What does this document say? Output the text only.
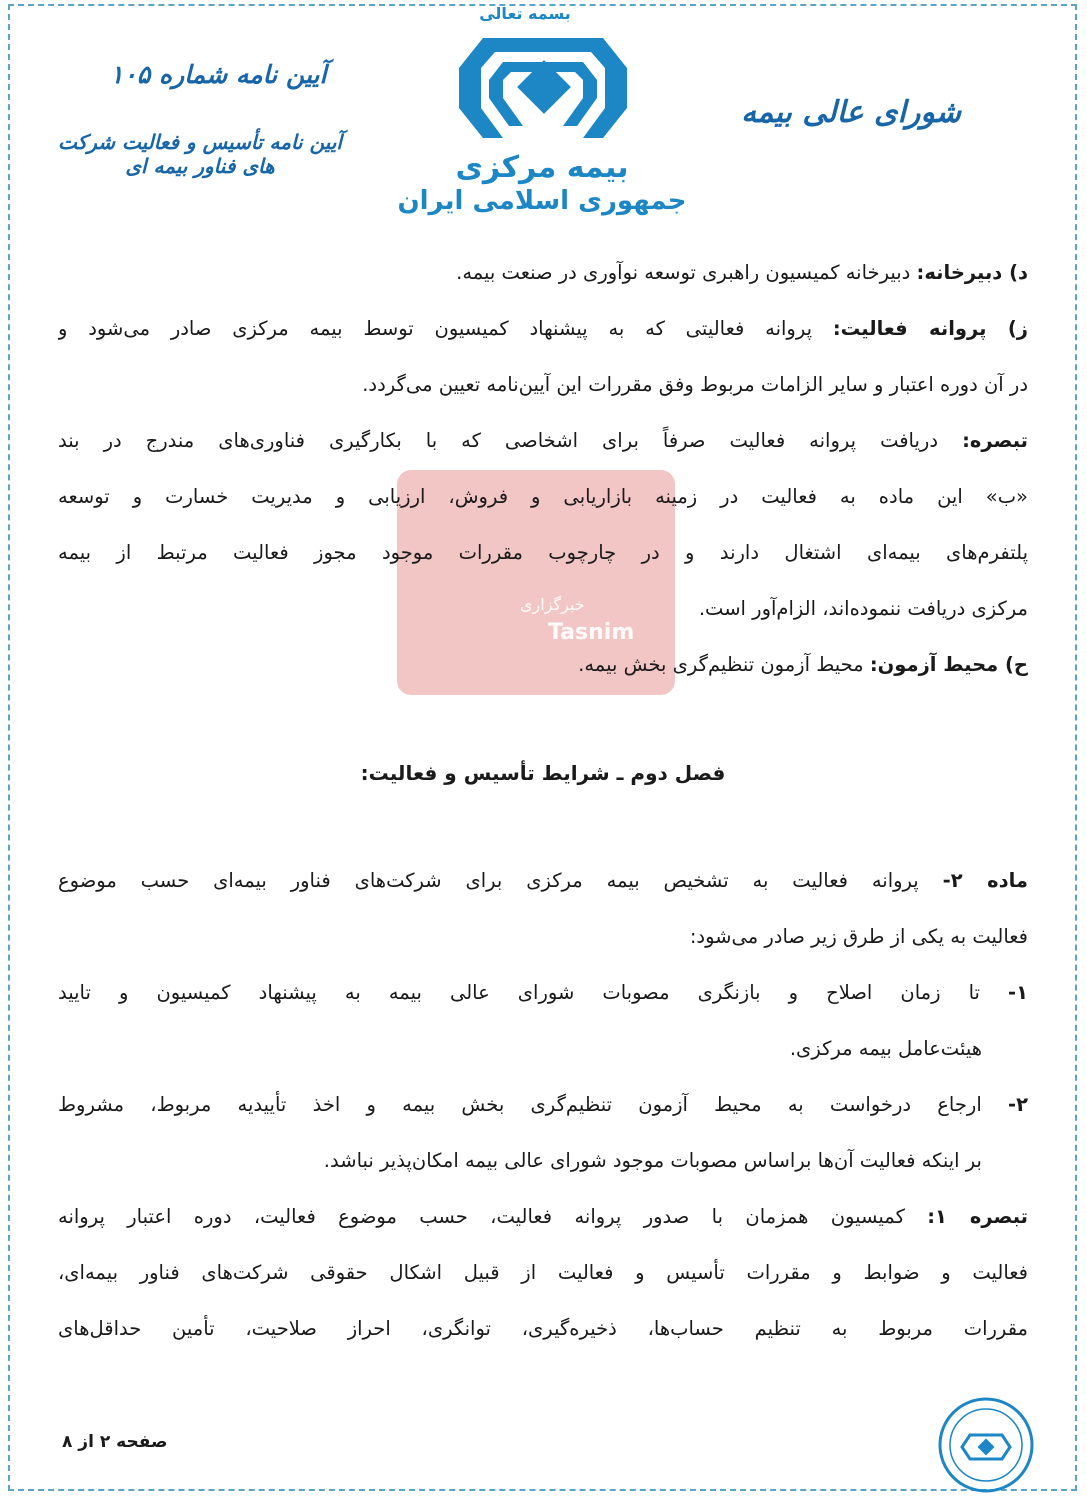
بسمه تعالی
بیمه مرکزی
جمهوری اسلامی ایران
شورای عالی بیمه
آیین نامه شماره ۱۰۵
آیین نامه تأسیس و فعالیت شرکت های فناور بیمه ای
خبرگزاری
Tasnim
د) دبیرخانه: دبیرخانه کمیسیون راهبری توسعه نوآوری در صنعت بیمه.
ز) پروانه فعالیت: پروانه فعالیتی که به پیشنهاد کمیسیون توسط بیمه مرکزی صادر می‌شود و
در آن دوره اعتبار و سایر الزامات مربوط وفق مقررات این آیین‌نامه تعیین می‌گردد.
تبصره: دریافت پروانه فعالیت صرفاً برای اشخاصی که با بکارگیری فناوری‌های مندرج در بند
«ب» این ماده به فعالیت در زمینه بازاریابی و فروش، ارزیابی و مدیریت خسارت و توسعه
پلتفرم‌های بیمه‌ای اشتغال دارند و در چارچوب مقررات موجود مجوز فعالیت مرتبط از بیمه
مرکزی دریافت ننموده‌اند، الزام‌آور است.
ح) محیط آزمون: محیط آزمون تنظیم‌گری بخش بیمه.
فصل دوم ـ شرایط تأسیس و فعالیت:
ماده ۲- پروانه فعالیت به تشخیص بیمه مرکزی برای شرکت‌های فناور بیمه‌ای حسب موضوع
فعالیت به یکی از طرق زیر صادر می‌شود:
۱- تا زمان اصلاح و بازنگری مصوبات شورای عالی بیمه به پیشنهاد کمیسیون و تایید
هیئت‌عامل بیمه مرکزی.
۲- ارجاع درخواست به محیط آزمون تنظیم‌گری بخش بیمه و اخذ تأییدیه مربوط، مشروط
بر اینکه فعالیت آن‌ها براساس مصوبات موجود شورای عالی بیمه امکان‌پذیر نباشد.
تبصره ۱: کمیسیون همزمان با صدور پروانه فعالیت، حسب موضوع فعالیت، دوره اعتبار پروانه
فعالیت و ضوابط و مقررات تأسیس و فعالیت از قبیل اشکال حقوقی شرکت‌های فناور بیمه‌ای،
مقررات مربوط به تنظیم حساب‌ها، ذخیره‌گیری، توانگری، احراز صلاحیت، تأمین حداقل‌های
صفحه ۲ از ۸
